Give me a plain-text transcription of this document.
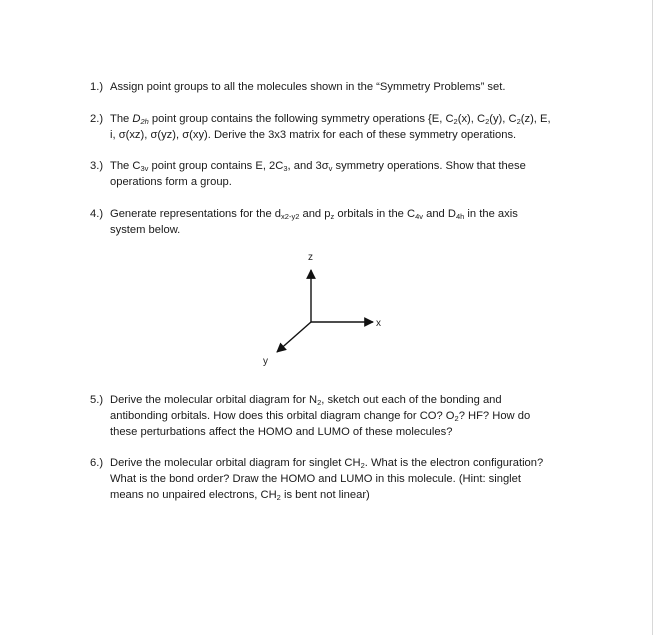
1.) Assign point groups to all the molecules shown in the “Symmetry Problems” set.
2.) The $D_{2h}$ point group contains the following symmetry operations {E, $C_2(x)$, $C_2(y)$, $C_2(z)$, E,
i, σ(xz), σ(yz), σ(xy). Derive the 3x3 matrix for each of these symmetry operations.
3.) The $C_{3v}$ point group contains E, $2C_3$, and $3\sigma_v$ symmetry operations. Show that these
operations form a group.
4.) Generate representations for the $d_{x2-y2}$ and $p_z$ orbitals in the $C_{4v}$ and $D_{4h}$ in the axis
system below.
z
x
y
5.) Derive the molecular orbital diagram for $N_2$, sketch out each of the bonding and
antibonding orbitals. How does this orbital diagram change for CO? $O_2$? HF? How do
these perturbations affect the HOMO and LUMO of these molecules?
6.) Derive the molecular orbital diagram for singlet $CH_2$. What is the electron configuration?
What is the bond order? Draw the HOMO and LUMO in this molecule. (Hint: singlet
means no unpaired electrons, $CH_2$ is bent not linear)
